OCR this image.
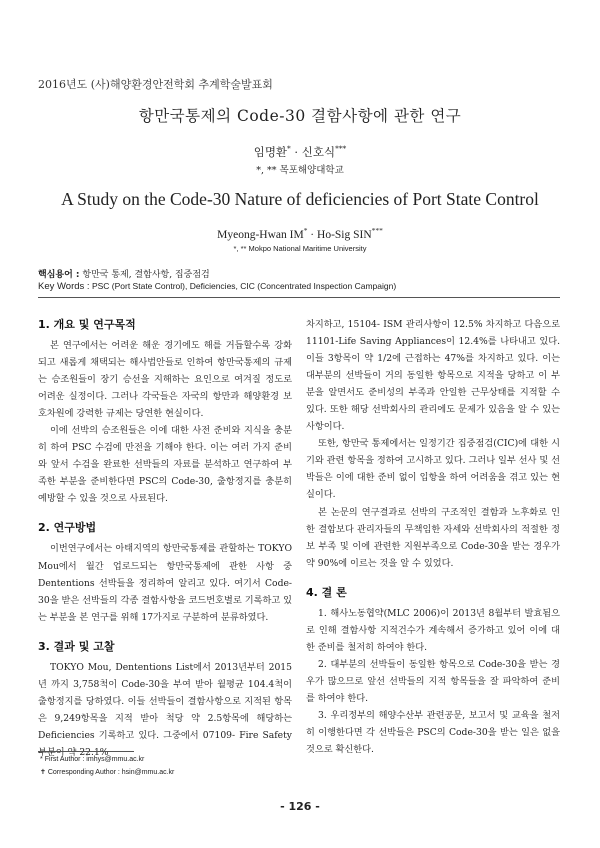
2016년도 (사)해양환경안전학회 추계학술발표회
항만국통제의 Code-30 결함사항에 관한 연구
임명환* · 신호식***
*, ** 목포해양대학교
A Study on the Code-30 Nature of deficiencies of Port State Control
Myeong-Hwan IM* · Ho-Sig SIN***
*, ** Mokpo National Maritime University
핵심용어 : 항만국 통제, 결함사항, 집중점검
Key Words : PSC (Port State Control), Deficiencies, CIC (Concentrated Inspection Campaign)
1. 개요 및 연구목적

본 연구에서는 어려운 해운 경기에도 해를 거듭할수록 강화되고 새롭게 채택되는 해사법안들로 인하여 항만국통제의 규제는 승조원들이 장기 승선을 지해하는 요인으로 여겨질 정도로 어려운 실정이다. 그러나 각국들은 자국의 항만과 해양환경 보호차원에 강력한 규제는 당연한 현실이다.

이에 선박의 승조원들은 이에 대한 사전 준비와 지식을 충분히 하여 PSC 수검에 만전을 기해야 한다. 이는 여러 가지 준비와 앞서 수검을 완료한 선박들의 자료를 분석하고 연구하여 부족한 부분을 준비한다면 PSC의 Code-30, 출항정지를 충분히 예방할 수 있을 것으로 사료된다.

2. 연구방법

이번연구에서는 아태지역의 항만국통제를 관할하는 TOKYO Mou에서 월간 업로드되는 항만국통제에 관한 사항 중 Dententions 선박들을 정리하여 알리고 있다. 여기서 Code-30을 받은 선박들의 각종 결함사항을 코드번호별로 기록하고 있는 부분을 본 연구를 위해 17가지로 구분하여 분류하였다.

3. 결과 및 고찰

TOKYO Mou, Dententions List에서 2013년부터 2015년 까지 3,758척이 Code-30을 부여 받아 월평균 104.4척이 출항정지를 당하였다. 이들 선박들이 결함사항으로 지적된 항목은 9,249항목을 지적 받아 척당 약 2.5항목에 해당하는 Deficiencies 기록하고 있다. 그중에서 07109- Fire Safety부분이 약 22.1%

차지하고, 15104- ISM 관리사항이 12.5% 차지하고 다음으로 11101-Life Saving Appliances이 12.4%를 나타내고 있다. 이들 3항목이 약 1/2에 근접하는 47%를 차지하고 있다. 이는 대부분의 선박들이 거의 동일한 항목으로 지적을 당하고 이 부분을 알면서도 준비성의 부족과 안일한 근무상태를 지적할 수 있다. 또한 해당 선박회사의 관리에도 문제가 있음을 알 수 있는 사항이다.

또한, 항만국 통제에서는 일정기간 집중점검(CIC)에 대한 시기와 관련 항목을 정하여 고시하고 있다. 그러나 일부 선사 및 선박들은 이에 대한 준비 없이 입항을 하여 어려움을 겪고 있는 현실이다.

본 논문의 연구결과로 선박의 구조적인 결함과 노후화로 인한 결함보다 관리자들의 무책임한 자세와 선박회사의 적절한 정보 부족 및 이에 관련한 지원부족으로 Code-30을 받는 경우가 약 90%에 이르는 것을 알 수 있었다.

4. 결 론

1. 해사노동협약(MLC 2006)이 2013년 8월부터 발효됨으로 인해 결함사항 지적건수가 계속해서 증가하고 있어 이에 대한 준비를 철저히 하여야 한다.

2. 대부분의 선박들이 동일한 항목으로 Code-30을 받는 경우가 많으므로 앞선 선박들의 지적 항목들을 잘 파악하여 준비를 하여야 한다.

3. 우리정부의 해양수산부 관련공문, 보고서 및 교육을 철저히 이행한다면 각 선박들은 PSC의 Code-30을 받는 일은 없을 것으로 확신한다.

* First Author : imhys@mmu.ac.kr
✝ Corresponding Author : hsin@mmu.ac.kr
- 126 -
